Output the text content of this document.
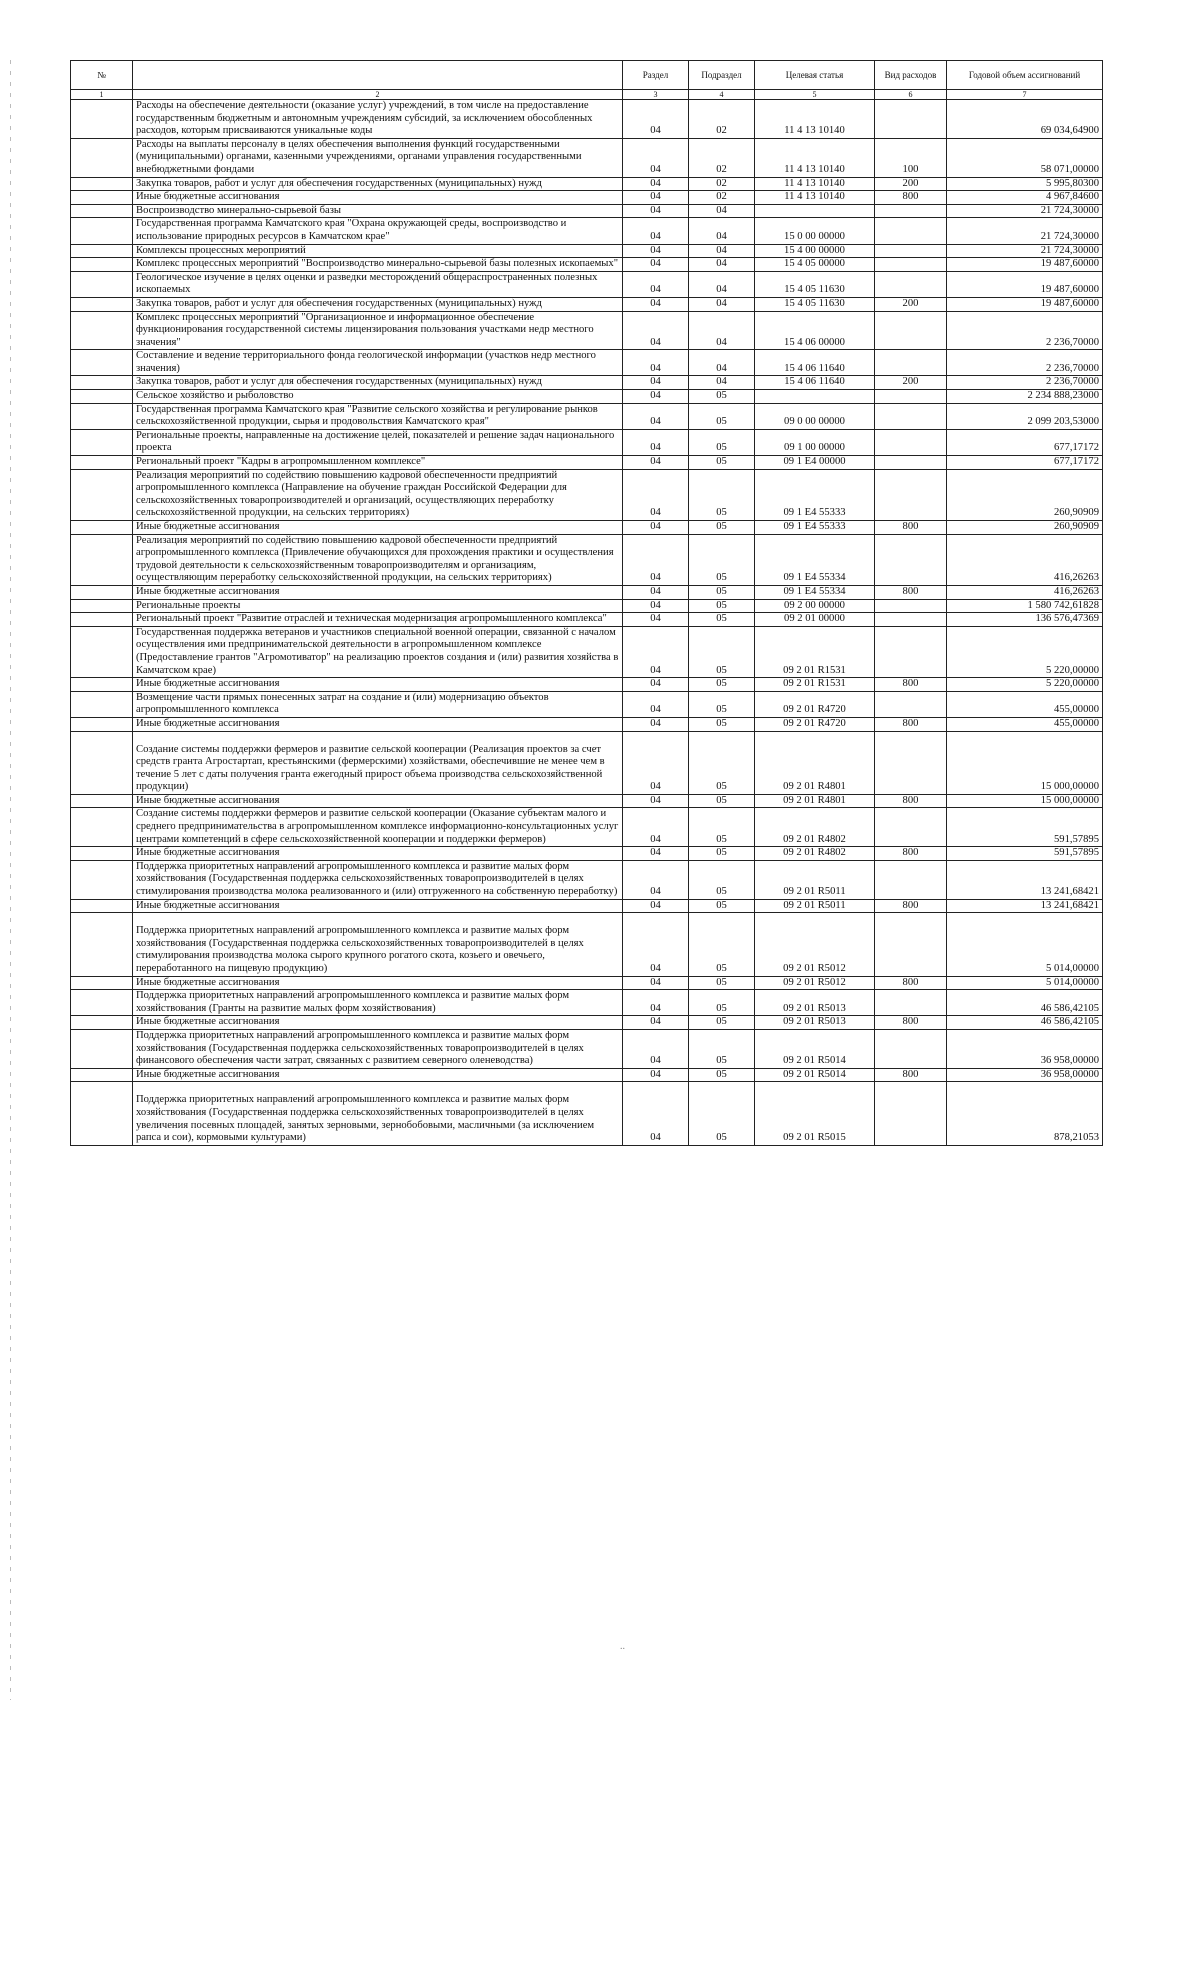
№		Раздел	Подраздел	Целевая статья	Вид расходов	Годовой объем ассигнований
1	2	3	4	5	6	7
	Расходы на обеспечение деятельности (оказание услуг) учреждений, в том числе на предоставление государственным бюджетным и автономным учреждениям субсидий, за исключением обособленных расходов, которым присваиваются уникальные коды	04	02	11 4 13 10140		69 034,64900
	Расходы на выплаты персоналу в целях обеспечения выполнения функций государственными (муниципальными) органами, казенными учреждениями, органами управления государственными внебюджетными фондами	04	02	11 4 13 10140	100	58 071,00000
	Закупка товаров, работ и услуг для обеспечения государственных (муниципальных) нужд	04	02	11 4 13 10140	200	5 995,80300
	Иные бюджетные ассигнования	04	02	11 4 13 10140	800	4 967,84600
	Воспроизводство минерально-сырьевой базы	04	04			21 724,30000
	Государственная программа Камчатского края "Охрана окружающей среды, воспроизводство и использование природных ресурсов в Камчатском крае"	04	04	15 0 00 00000		21 724,30000
	Комплексы процессных мероприятий	04	04	15 4 00 00000		21 724,30000
	Комплекс процессных мероприятий "Воспроизводство минерально-сырьевой базы полезных ископаемых"	04	04	15 4 05 00000		19 487,60000
	Геологическое изучение в целях оценки и разведки месторождений общераспространенных полезных ископаемых	04	04	15 4 05 11630		19 487,60000
	Закупка товаров, работ и услуг для обеспечения государственных (муниципальных) нужд	04	04	15 4 05 11630	200	19 487,60000
	Комплекс процессных мероприятий "Организационное и информационное обеспечение функционирования государственной системы лицензирования пользования участками недр местного значения"	04	04	15 4 06 00000		2 236,70000
	Составление и ведение территориального фонда геологической информации (участков недр местного значения)	04	04	15 4 06 11640		2 236,70000
	Закупка товаров, работ и услуг для обеспечения государственных (муниципальных) нужд	04	04	15 4 06 11640	200	2 236,70000
	Сельское хозяйство и рыболовство	04	05			2 234 888,23000
	Государственная программа Камчатского края "Развитие сельского хозяйства и регулирование рынков сельскохозяйственной продукции, сырья и продовольствия Камчатского края"	04	05	09 0 00 00000		2 099 203,53000
	Региональные проекты, направленные на достижение целей, показателей и решение задач национального проекта	04	05	09 1 00 00000		677,17172
	Региональный проект "Кадры в агропромышленном комплексе"	04	05	09 1 Е4 00000		677,17172
	Реализация мероприятий по содействию повышению кадровой обеспеченности предприятий агропромышленного комплекса (Направление на обучение граждан Российской Федерации для сельскохозяйственных товаропроизводителей и организаций, осуществляющих переработку сельскохозяйственной продукции, на сельских территориях)	04	05	09 1 Е4 55333		260,90909
	Иные бюджетные ассигнования	04	05	09 1 Е4 55333	800	260,90909
	Реализация мероприятий по содействию повышению кадровой обеспеченности предприятий агропромышленного комплекса (Привлечение обучающихся для прохождения практики и осуществления трудовой деятельности к сельскохозяйственным товаропроизводителям и организациям, осуществляющим переработку сельскохозяйственной продукции, на сельских территориях)	04	05	09 1 Е4 55334		416,26263
	Иные бюджетные ассигнования	04	05	09 1 Е4 55334	800	416,26263
	Региональные проекты	04	05	09 2 00 00000		1 580 742,61828
	Региональный проект "Развитие отраслей и техническая модернизация агропромышленного комплекса"	04	05	09 2 01 00000		136 576,47369
	Государственная поддержка ветеранов и участников специальной военной операции, связанной с началом осуществления ими предпринимательской деятельности в агропромышленном комплексе (Предоставление грантов "Агромотиватор" на реализацию проектов создания и (или) развития хозяйства в Камчатском крае)	04	05	09 2 01 R1531		5 220,00000
	Иные бюджетные ассигнования	04	05	09 2 01 R1531	800	5 220,00000
	Возмещение части прямых понесенных затрат на создание и (или) модернизацию объектов агропромышленного комплекса	04	05	09 2 01 R4720		455,00000
	Иные бюджетные ассигнования	04	05	09 2 01 R4720	800	455,00000
	Создание системы поддержки фермеров и развитие сельской кооперации (Реализация проектов за счет средств гранта Агростартап, крестьянскими (фермерскими) хозяйствами, обеспечившие не менее чем в течение 5 лет с даты получения гранта ежегодный прирост объема производства сельскохозяйственной продукции)	04	05	09 2 01 R4801		15 000,00000
	Иные бюджетные ассигнования	04	05	09 2 01 R4801	800	15 000,00000
	Создание системы поддержки фермеров и развитие сельской кооперации (Оказание субъектам малого и среднего предпринимательства в агропромышленном комплексе информационно-консультационных услуг центрами компетенций в сфере сельскохозяйственной кооперации и поддержки фермеров)	04	05	09 2 01 R4802		591,57895
	Иные бюджетные ассигнования	04	05	09 2 01 R4802	800	591,57895
	Поддержка приоритетных направлений агропромышленного комплекса и развитие малых форм хозяйствования (Государственная поддержка сельскохозяйственных товаропроизводителей в целях стимулирования производства молока реализованного и (или) отгруженного на собственную переработку)	04	05	09 2 01 R5011		13 241,68421
	Иные бюджетные ассигнования	04	05	09 2 01 R5011	800	13 241,68421
	Поддержка приоритетных направлений агропромышленного комплекса и развитие малых форм хозяйствования (Государственная поддержка сельскохозяйственных товаропроизводителей в целях стимулирования производства молока сырого крупного рогатого скота, козьего и овечьего, переработанного на пищевую продукцию)	04	05	09 2 01 R5012		5 014,00000
	Иные бюджетные ассигнования	04	05	09 2 01 R5012	800	5 014,00000
	Поддержка приоритетных направлений агропромышленного комплекса и развитие малых форм хозяйствования (Гранты на развитие малых форм хозяйствования)	04	05	09 2 01 R5013		46 586,42105
	Иные бюджетные ассигнования	04	05	09 2 01 R5013	800	46 586,42105
	Поддержка приоритетных направлений агропромышленного комплекса и развитие малых форм хозяйствования (Государственная поддержка сельскохозяйственных товаропроизводителей в целях финансового обеспечения части затрат, связанных с развитием северного оленеводства)	04	05	09 2 01 R5014		36 958,00000
	Иные бюджетные ассигнования	04	05	09 2 01 R5014	800	36 958,00000
	Поддержка приоритетных направлений агропромышленного комплекса и развитие малых форм хозяйствования (Государственная поддержка сельскохозяйственных товаропроизводителей в целях увеличения посевных площадей, занятых зерновыми, зернобобовыми, масличными (за исключением рапса и сои), кормовыми культурами)	04	05	09 2 01 R5015		878,21053
..
